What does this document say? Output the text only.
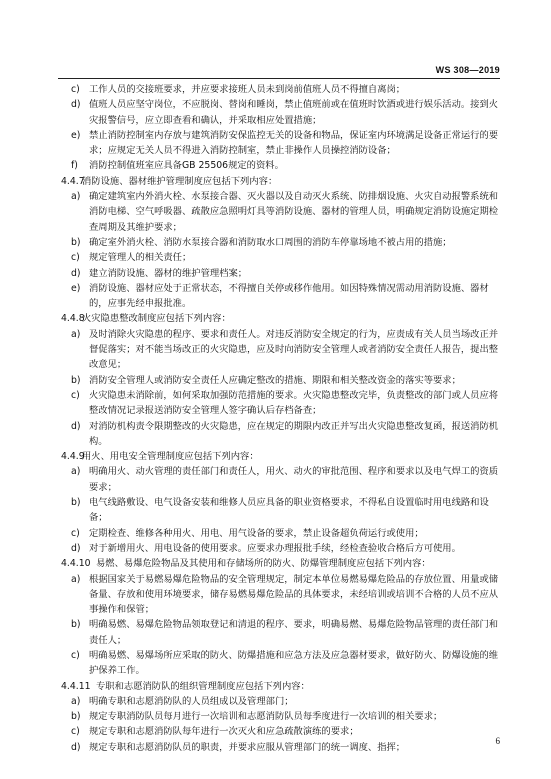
WS 308—2019
c) 工作人员的交接班要求，并应要求接班人员未到岗前值班人员不得擅自离岗；
d) 值班人员应坚守岗位，不应脱岗、替岗和睡岗，禁止值班前或在值班时饮酒或进行娱乐活动。接到火灾报警信号，应立即查看和确认，并采取相应处置措施；
e) 禁止消防控制室内存放与建筑消防安保监控无关的设备和物品，保证室内环境满足设备正常运行的要求；应规定无关人员不得进入消防控制室，禁止非操作人员操控消防设备；
f) 消防控制值班室应具备GB 25506规定的资料。
4.4.7
消防设施、器材维护管理制度应包括下列内容：
a) 确定建筑室内外消火栓、水泵接合器、灭火器以及自动灭火系统、防排烟设施、火灾自动报警系统和消防电梯、空气呼吸器、疏散应急照明灯具等消防设施、器材的管理人员，明确规定消防设施定期检查周期及其维护要求；
b) 确定室外消火栓、消防水泵接合器和消防取水口周围的消防车停靠场地不被占用的措施；
c) 规定管理人的相关责任；
d) 建立消防设施、器材的维护管理档案；
e) 消防设施、器材应处于正常状态，不得擅自关停或移作他用。如因特殊情况需动用消防设施、器材的，应事先经申报批准。
4.4.8
火灾隐患整改制度应包括下列内容：
a) 及时消除火灾隐患的程序、要求和责任人。对违反消防安全规定的行为，应责成有关人员当场改正并督促落实；对不能当场改正的火灾隐患，应及时向消防安全管理人或者消防安全责任人报告，提出整改意见；
b) 消防安全管理人或消防安全责任人应确定整改的措施、期限和相关整改资金的落实等要求；
c) 火灾隐患未消除前，如何采取加强防范措施的要求。火灾隐患整改完毕，负责整改的部门或人员应将整改情况记录报送消防安全管理人签字确认后存档备查；
d) 对消防机构责令限期整改的火灾隐患，应在规定的期限内改正并写出火灾隐患整改复函，报送消防机构。
4.4.9
用火、用电安全管理制度应包括下列内容：
a) 明确用火、动火管理的责任部门和责任人，用火、动火的审批范围、程序和要求以及电气焊工的资质要求；
b) 电气线路敷设、电气设备安装和维修人员应具备的职业资格要求，不得私自设置临时用电线路和设备；
c) 定期检查、维修各种用火、用电、用气设备的要求，禁止设备超负荷运行或使用；
d) 对于新增用火、用电设备的使用要求。应要求办理报批手续，经检查验收合格后方可使用。
4.4.10 易燃、易爆危险物品及其使用和存储场所的防火、防爆管理制度应包括下列内容：
a) 根据国家关于易燃易爆危险物品的安全管理规定，制定本单位易燃易爆危险品的存放位置、用量或储备量、存放和使用环境要求，储存易燃易爆危险品的具体要求，未经培训或培训不合格的人员不应从事操作和保管；
b) 明确易燃、易爆危险物品领取登记和清退的程序、要求，明确易燃、易爆危险物品管理的责任部门和责任人；
c) 明确易燃、易爆场所应采取的防火、防爆措施和应急方法及应急器材要求，做好防火、防爆设施的维护保养工作。
4.4.11 专职和志愿消防队的组织管理制度应包括下列内容：
a) 明确专职和志愿消防队的人员组成以及管理部门；
b) 规定专职消防队员每月进行一次培训和志愿消防队员每季度进行一次培训的相关要求；
c) 规定专职和志愿消防队每年进行一次灭火和应急疏散演练的要求；
d) 规定专职和志愿消防队员的职责，并要求应服从管理部门的统一调度、指挥；
6
